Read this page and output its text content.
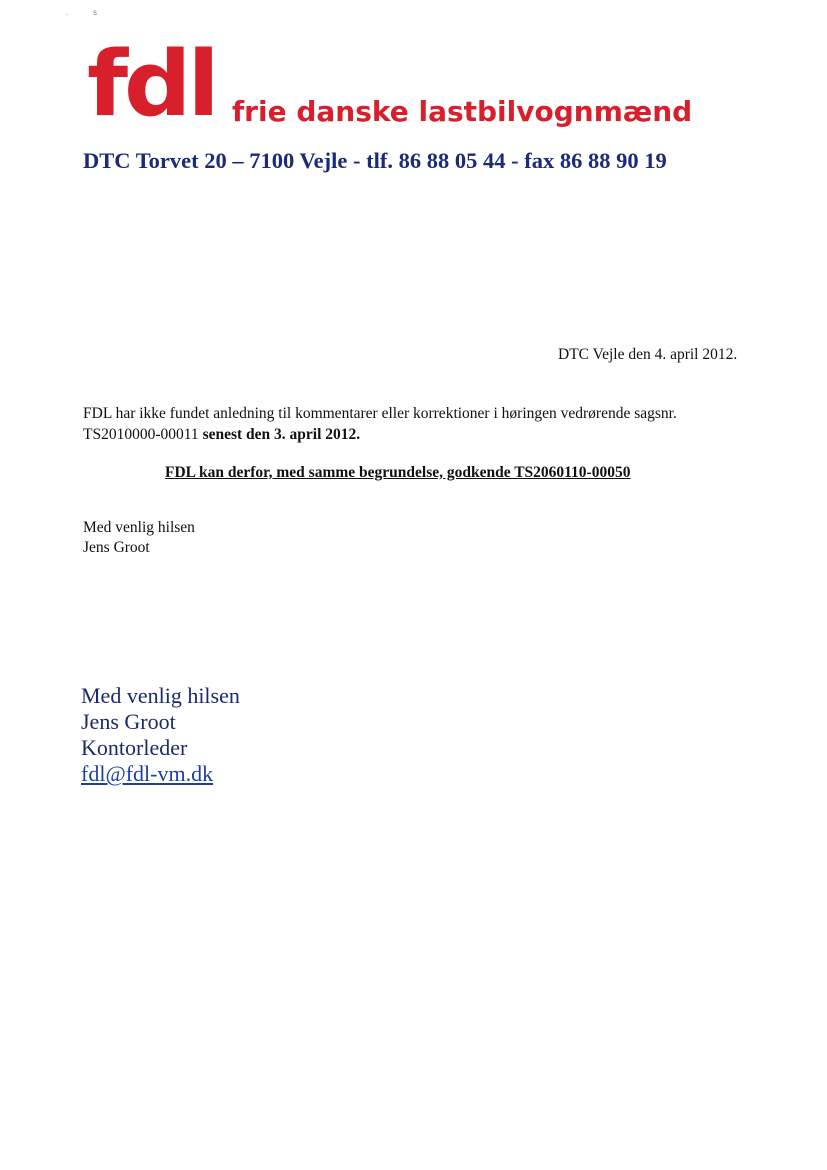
.	s
fdl frie danske lastbilvognmænd
DTC Torvet 20 – 7100 Vejle - tlf. 86 88 05 44 - fax 86 88 90 19
DTC Vejle den 4. april 2012.
FDL har ikke fundet anledning til kommentarer eller korrektioner i høringen vedrørende sagsnr.
TS2010000-00011 senest den 3. april 2012.
FDL kan derfor, med samme begrundelse, godkende TS2060110-00050
Med venlig hilsen
Jens Groot
Med venlig hilsen
Jens Groot
Kontorleder
fdl@fdl-vm.dk
